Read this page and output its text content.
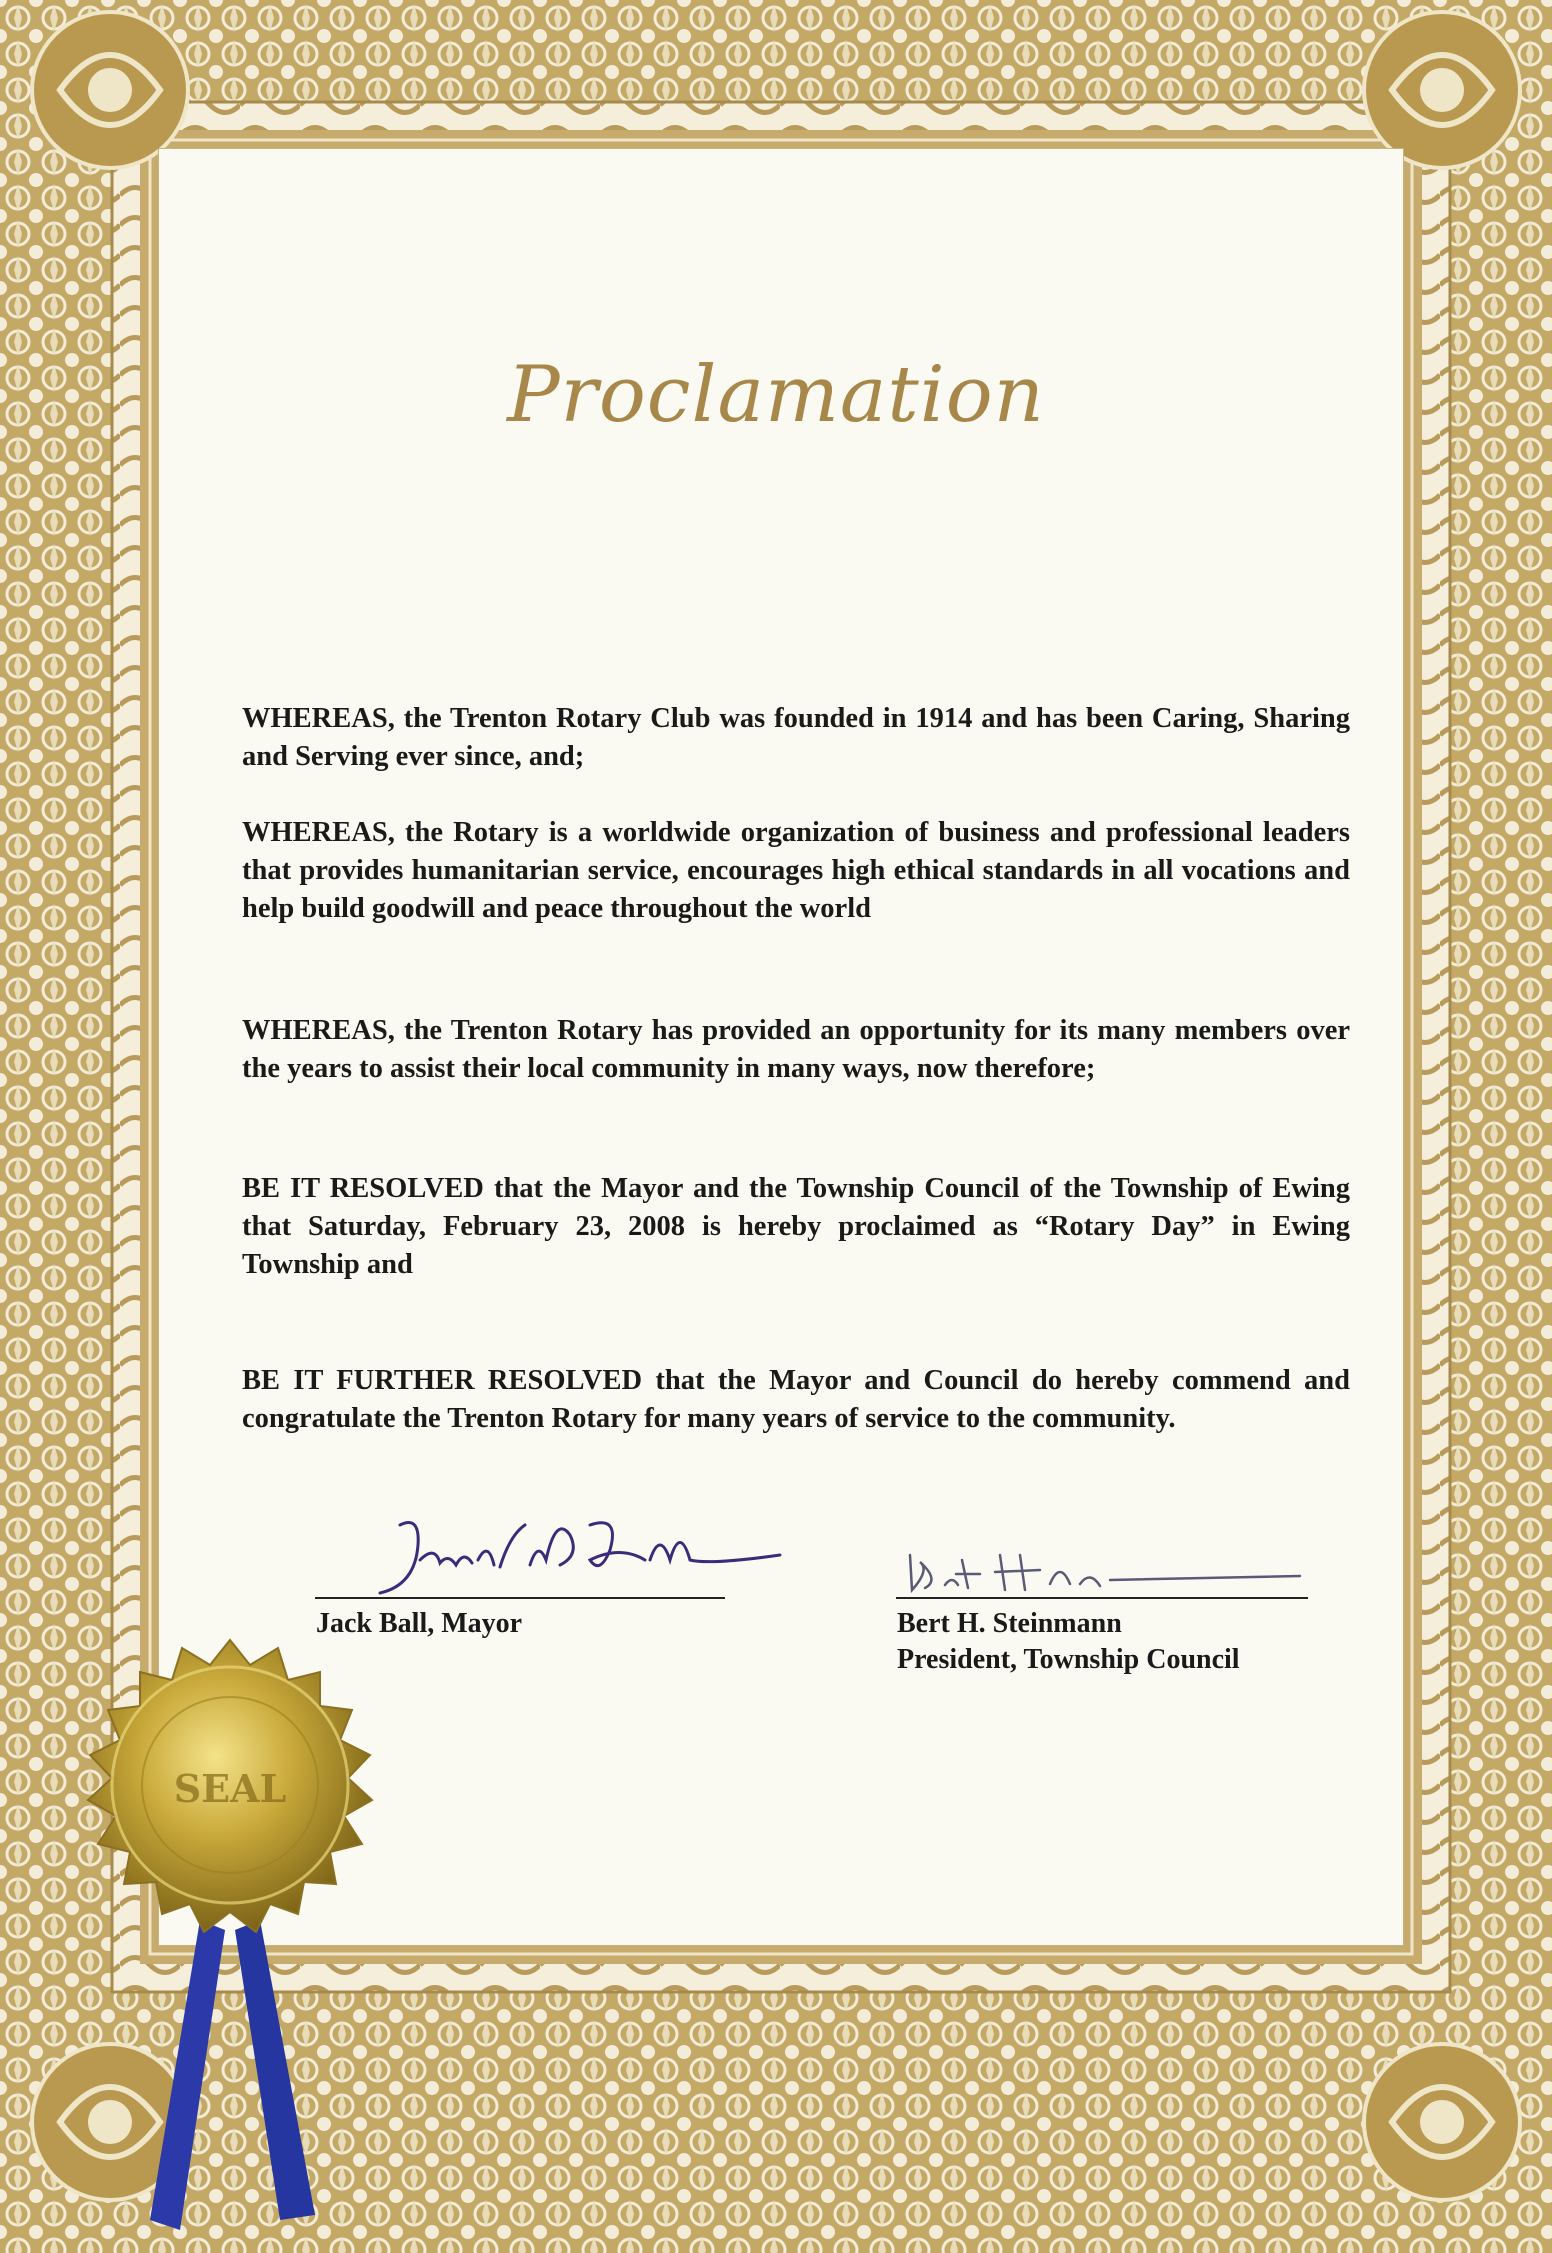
Proclamation
WHEREAS, the Trenton Rotary Club was founded in 1914 and has been Caring, Sharing and Serving ever since, and;
WHEREAS, the Rotary is a worldwide organization of business and professional leaders that provides humanitarian service, encourages high ethical standards in all vocations and help build goodwill and peace throughout the world
WHEREAS, the Trenton Rotary has provided an opportunity for its many members over the years to assist their local community in many ways, now therefore;
BE IT RESOLVED that the Mayor and the Township Council of the Township of Ewing that Saturday, February 23, 2008 is hereby proclaimed as “Rotary Day” in Ewing Township and
BE IT FURTHER RESOLVED that the Mayor and Council do hereby commend and congratulate the Trenton Rotary for many years of service to the community.
Jack Ball, Mayor	Bert H. Steinmann
President, Township Council
SEAL
